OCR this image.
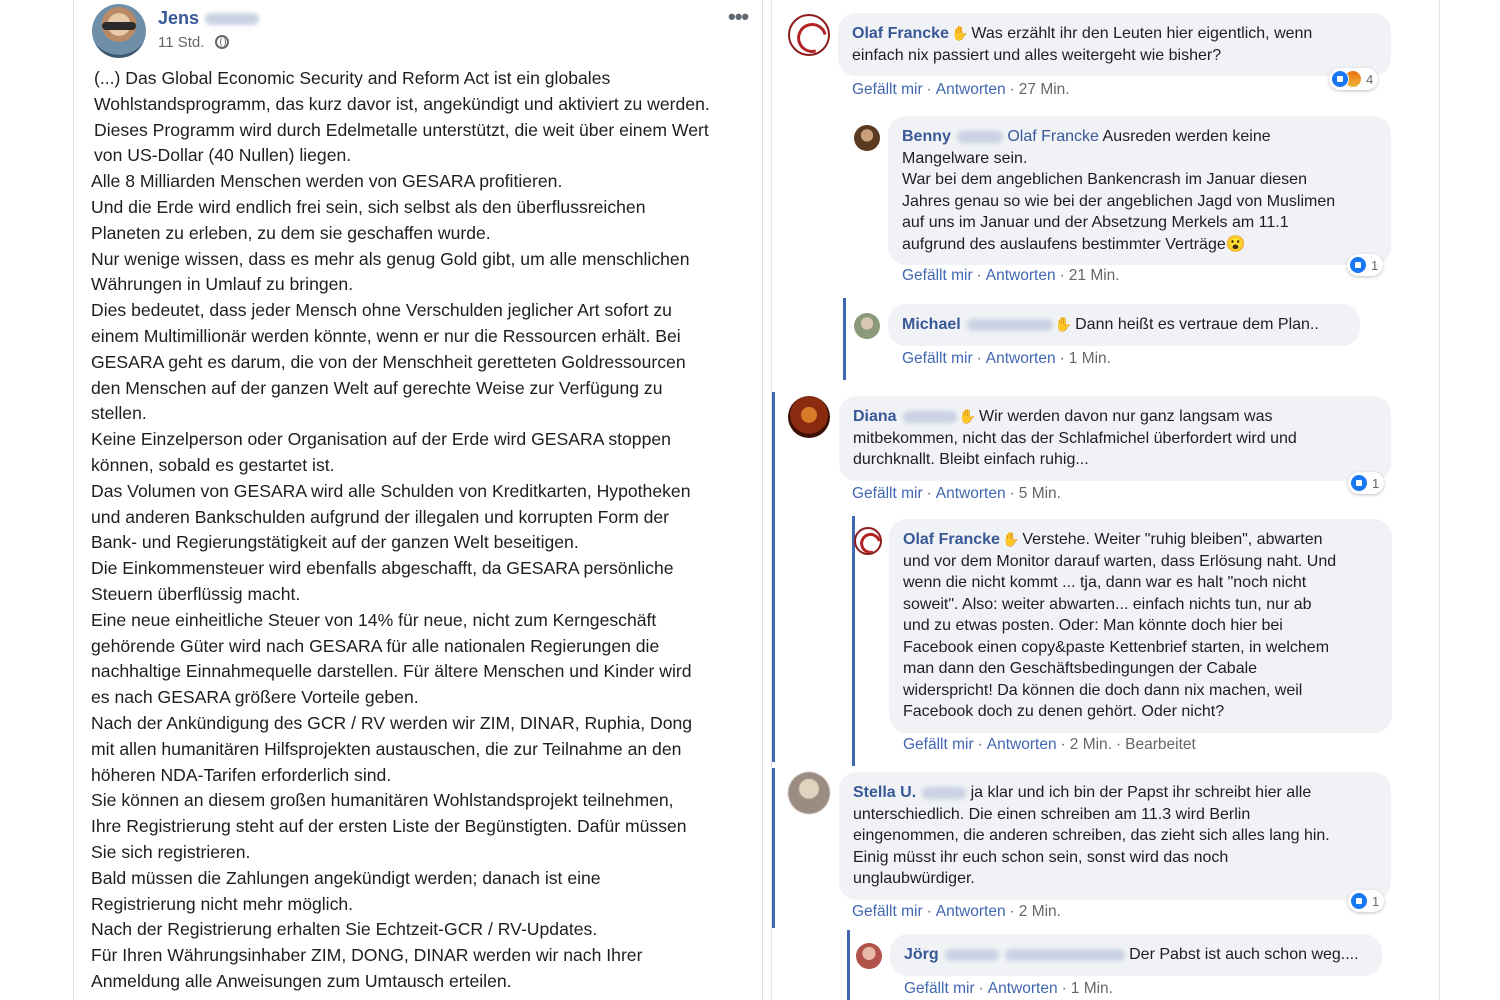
Jens
11 Std.
•••

(...) Das Global Economic Security and Reform Act ist ein globales

Wohlstandsprogramm, das kurz davor ist, angekündigt und aktiviert zu werden.

Dieses Programm wird durch Edelmetalle unterstützt, die weit über einem Wert

von US-Dollar (40 Nullen) liegen.

Alle 8 Milliarden Menschen werden von GESARA profitieren.

Und die Erde wird endlich frei sein, sich selbst als den überflussreichen

Planeten zu erleben, zu dem sie geschaffen wurde.

Nur wenige wissen, dass es mehr als genug Gold gibt, um alle menschlichen

Währungen in Umlauf zu bringen.

Dies bedeutet, dass jeder Mensch ohne Verschulden jeglicher Art sofort zu

einem Multimillionär werden könnte, wenn er nur die Ressourcen erhält. Bei

GESARA geht es darum, die von der Menschheit geretteten Goldressourcen

den Menschen auf der ganzen Welt auf gerechte Weise zur Verfügung zu

stellen.

Keine Einzelperson oder Organisation auf der Erde wird GESARA stoppen

können, sobald es gestartet ist.

Das Volumen von GESARA wird alle Schulden von Kreditkarten, Hypotheken

und anderen Bankschulden aufgrund der illegalen und korrupten Form der

Bank- und Regierungstätigkeit auf der ganzen Welt beseitigen.

Die Einkommensteuer wird ebenfalls abgeschafft, da GESARA persönliche

Steuern überflüssig macht.

Eine neue einheitliche Steuer von 14% für neue, nicht zum Kerngeschäft

gehörende Güter wird nach GESARA für alle nationalen Regierungen die

nachhaltige Einnahmequelle darstellen. Für ältere Menschen und Kinder wird

es nach GESARA größere Vorteile geben.

Nach der Ankündigung des GCR / RV werden wir ZIM, DINAR, Ruphia, Dong

mit allen humanitären Hilfsprojekten austauschen, die zur Teilnahme an den

höheren NDA-Tarifen erforderlich sind.

Sie können an diesem großen humanitären Wohlstandsprojekt teilnehmen,

Ihre Registrierung steht auf der ersten Liste der Begünstigten. Dafür müssen

Sie sich registrieren.

Bald müssen die Zahlungen angekündigt werden; danach ist eine

Registrierung nicht mehr möglich.

Nach der Registrierung erhalten Sie Echtzeit-GCR / RV-Updates.

Für Ihren Währungsinhaber ZIM, DONG, DINAR werden wir nach Ihrer

Anmeldung alle Anweisungen zum Umtausch erteilen.

Olaf Francke ✋ Was erzählt ihr den Leuten hier eigentlich, wenn
einfach nix passiert und alles weitergeht wie bisher?
4
Gefällt mir · Antworten · 27 Min.
Benny	Olaf Francke Ausreden werden keine
Mangelware sein.
War bei dem angeblichen Bankencrash im Januar diesen
Jahres genau so wie bei der angeblichen Jagd von Muslimen
auf uns im Januar und der Absetzung Merkels am 11.1
aufgrund des auslaufens bestimmter Verträge😮
1
Gefällt mir · Antworten · 21 Min.
Michael	✋ Dann heißt es vertraue dem Plan..
Gefällt mir · Antworten · 1 Min.
Diana	✋ Wir werden davon nur ganz langsam was
mitbekommen, nicht das der Schlafmichel überfordert wird und
durchknallt. Bleibt einfach ruhig...
1
Gefällt mir · Antworten · 5 Min.
Olaf Francke ✋ Verstehe. Weiter "ruhig bleiben", abwarten
und vor dem Monitor darauf warten, dass Erlösung naht. Und
wenn die nicht kommt ... tja, dann war es halt "noch nicht
soweit". Also: weiter abwarten... einfach nichts tun, nur ab
und zu etwas posten. Oder: Man könnte doch hier bei
Facebook einen copy&paste Kettenbrief starten, in welchem
man dann den Geschäftsbedingungen der Cabale
widerspricht! Da können die doch dann nix machen, weil
Facebook doch zu denen gehört. Oder nicht?
Gefällt mir · Antworten · 2 Min. · Bearbeitet
Stella U.	ja klar und ich bin der Papst ihr schreibt hier alle
unterschiedlich. Die einen schreiben am 11.3 wird Berlin
eingenommen, die anderen schreiben, das zieht sich alles lang hin.
Einig müsst ihr euch schon sein, sonst wird das noch
unglaubwürdiger.
1
Gefällt mir · Antworten · 2 Min.
Jörg	Der Pabst ist auch schon weg....
Gefällt mir · Antworten · 1 Min.
